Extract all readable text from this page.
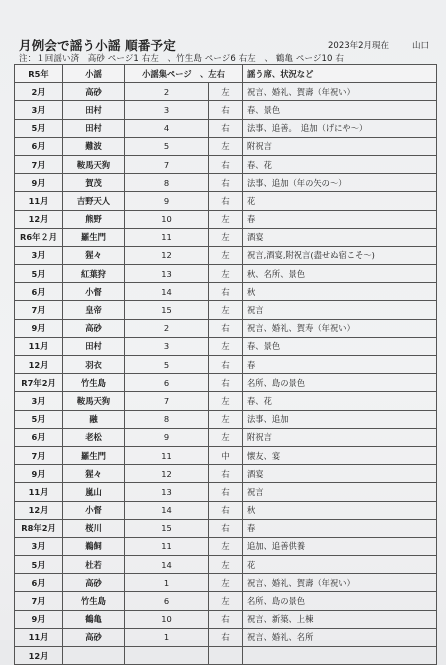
月例会で謡う小謡 順番予定	2023年2月現在	山口
注：１回謡い済　高砂 ページ1 右左　、竹生島 ページ6 右左　、 鶴亀 ページ10 右
R5年	小謡	小謡集ページ　、左右		謡う席、状況など
2月	高砂	2	左	祝言、婚礼、賀壽（年祝い）
3月	田村	3	右	春、景色
5月	田村	4	右	法事、追善。　追加（げにや〜）
6月	難波	5	左	附祝言
7月	鞍馬天狗	7	右	春、花
9月	賀茂	8	右	法事、追加（年の矢の〜）
11月	吉野天人	9	右	花
12月	熊野	10	左	春
R6年２月	羅生門	11	左	酒宴
3月	猩々	12	左	祝言,酒宴,附祝言(盡せぬ宿こそ〜)
5月	紅葉狩	13	左	秋、名所、景色
6月	小督	14	右	秋
7月	皇帝	15	左	祝言
9月	高砂	2	右	祝言、婚礼、賀寿（年祝い）
11月	田村	3	左	春、景色
12月	羽衣	5	右	春
R7年2月	竹生島	6	右	名所、島の景色
3月	鞍馬天狗	7	左	春、花
5月	融	8	左	法事、追加
6月	老松	9	左	附祝言
7月	羅生門	11	中	懐友、宴
9月	猩々	12	右	酒宴
11月	嵐山	13	右	祝言
12月	小督	14	右	秋
R8年2月	桜川	15	右	春
3月	鵜飼	11	左	追加、追善供養
5月	杜若	14	左	花
6月	高砂	1	左	祝言、婚礼、賀壽（年祝い）
7月	竹生島	6	左	名所、島の景色
9月	鶴亀	10	右	祝言、新築、上棟
11月	高砂	1	右	祝言、婚礼、名所
12月				
